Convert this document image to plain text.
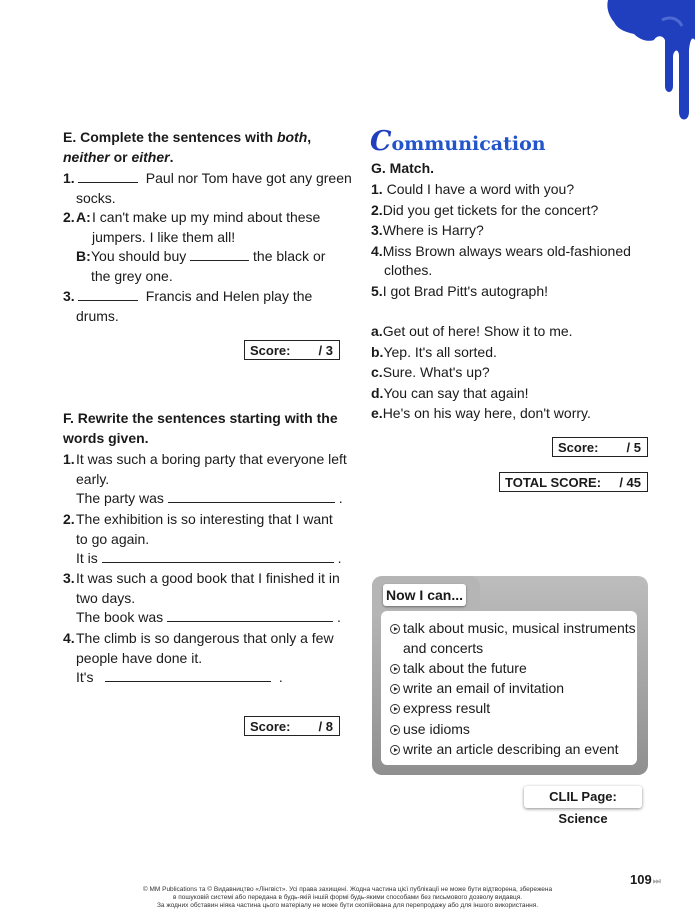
E. Complete the sentences with both,
neither or either.
1.	Paul nor Tom have got any green
socks.
2. A: I can't make up my mind about these
jumpers. I like them all!
B: You should buy	the black or
the grey one.
3.	Francis and Helen play the
drums.
Score: / 3
F. Rewrite the sentences starting with the
words given.
1. It was such a boring party that everyone left
early.
The party was	.
2. The exhibition is so interesting that I want
to go again.
It is	.
3. It was such a good book that I finished it in
two days.
The book was	.
4. The climb is so dangerous that only a few
people have done it.
It's	.
Score: / 8
Communication
G. Match.
1. Could I have a word with you?
2.Did you get tickets for the concert?
3.Where is Harry?
4.Miss Brown always wears old-fashioned
clothes.
5.I got Brad Pitt's autograph!
a.Get out of here! Show it to me.
b.Yep. It's all sorted.
c.Sure. What's up?
d.You can say that again!
e.He's on his way here, don't worry.
Score: / 5
TOTAL SCORE: / 45
Now I can...
talk about music, musical instruments
and concerts
talk about the future
write an email of invitation
express result
use idioms
write an article describing an event
CLIL Page: Science
109⏭
© MM Publications та © Видавництво «Лінгвіст». Усі права захищені. Жодна частина цієї публікації не може бути відтворена, збережена
в пошуковій системі або передана в будь-якій іншій формі будь-якими способами без письмового дозволу видавця.
За жодних обставин ніяка частина цього матеріалу не може бути скопійована для перепродажу або для іншого використання.
